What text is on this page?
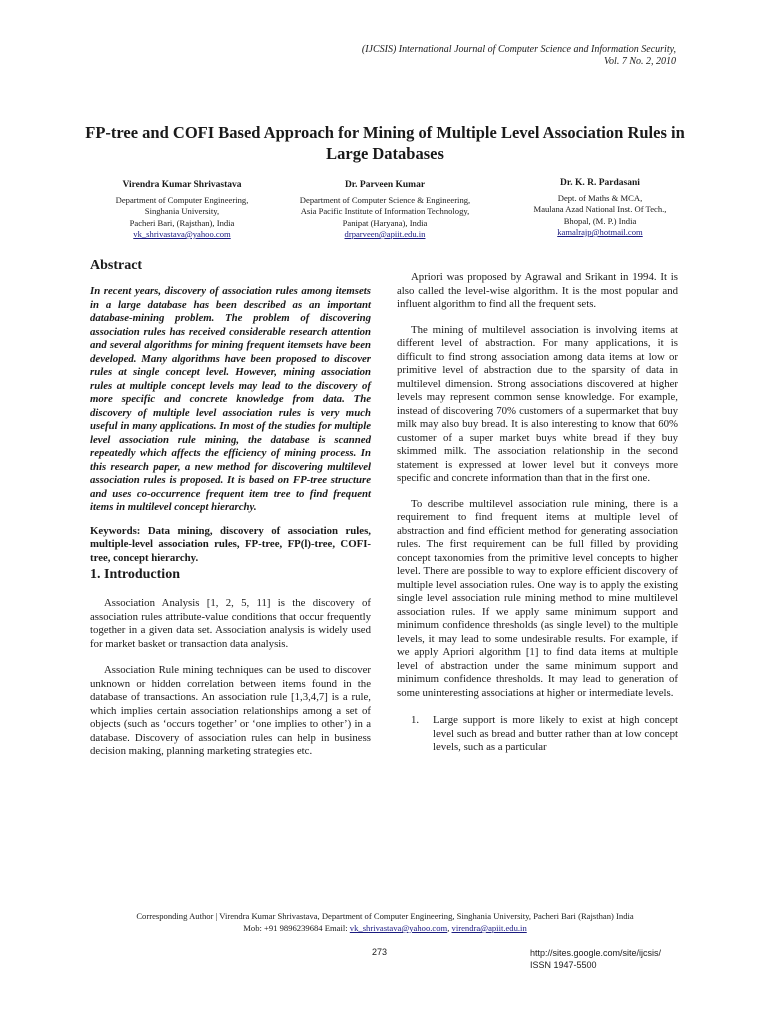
(IJCSIS) International Journal of Computer Science and Information Security,
Vol. 7 No. 2, 2010
FP-tree and COFI Based Approach for Mining of Multiple Level Association Rules in Large Databases
Virendra Kumar Shrivastava
Department of Computer Engineering,
Singhania University,
Pacheri Bari, (Rajsthan), India
vk_shrivastava@yahoo.com
Dr. Parveen Kumar
Department of Computer Science & Engineering,
Asia Pacific Institute of Information Technology,
Panipat (Haryana), India
drparveen@apiit.edu.in
Dr. K. R. Pardasani
Dept. of Maths & MCA,
Maulana Azad National Inst. Of Tech.,
Bhopal, (M. P.) India
kamalrajp@hotmail.com
Abstract

In recent years, discovery of association rules among itemsets in a large database has been described as an important database-mining problem. The problem of discovering association rules has received considerable research attention and several algorithms for mining frequent itemsets have been developed. Many algorithms have been proposed to discover rules at single concept level. However, mining association rules at multiple concept levels may lead to the discovery of more specific and concrete knowledge from data. The discovery of multiple level association rules is very much useful in many applications. In most of the studies for multiple level association rule mining, the database is scanned repeatedly which affects the efficiency of mining process. In this research paper, a new method for discovering multilevel association rules is proposed. It is based on FP-tree structure and uses co-occurrence frequent item tree to find frequent items in multilevel concept hierarchy.

Keywords: Data mining, discovery of association rules, multiple-level association rules, FP-tree, FP(l)-tree, COFI-tree, concept hierarchy.

1. Introduction

Association Analysis [1, 2, 5, 11] is the discovery of association rules attribute-value conditions that occur frequently together in a given data set. Association analysis is widely used for market basket or transaction data analysis.

Association Rule mining techniques can be used to discover unknown or hidden correlation between items found in the database of transactions. An association rule [1,3,4,7] is a rule, which implies certain association relationships among a set of objects (such as ‘occurs together’ or ‘one implies to other’) in a database. Discovery of association rules can help in business decision making, planning marketing strategies etc.

Apriori was proposed by Agrawal and Srikant in 1994. It is also called the level-wise algorithm. It is the most popular and influent algorithm to find all the frequent sets.

The mining of multilevel association is involving items at different level of abstraction. For many applications, it is difficult to find strong association among data items at low or primitive level of abstraction due to the sparsity of data in multilevel dimension. Strong associations discovered at higher levels may represent common sense knowledge. For example, instead of discovering 70% customers of a supermarket that buy milk may also buy bread. It is also interesting to know that 60% customer of a super market buys white bread if they buy skimmed milk. The association relationship in the second statement is expressed at lower level but it conveys more specific and concrete information than that in the first one.

To describe multilevel association rule mining, there is a requirement to find frequent items at multiple level of abstraction and find efficient method for generating association rules. The first requirement can be full filled by providing concept taxonomies from the primitive level concepts to higher level. There are possible to way to explore efficient discovery of multiple level association rules. One way is to apply the existing single level association rule mining method to mine multilevel association rules. If we apply same minimum support and minimum confidence thresholds (as single level) to the multiple levels, it may lead to some undesirable results. For example, if we apply Apriori algorithm [1] to find data items at multiple level of abstraction under the same minimum support and minimum confidence thresholds. It may lead to generation of some uninteresting associations at higher or intermediate levels.

1. Large support is more likely to exist at high concept level such as bread and butter rather than at low concept levels, such as a particular
Corresponding Author | Virendra Kumar Shrivastava, Department of Computer Engineering, Singhania University, Pacheri Bari (Rajsthan) India
Mob: +91 9896239684 Email: vk_shrivastava@yahoo.com, virendra@apiit.edu.in
273	http://sites.google.com/site/ijcsis/
ISSN 1947-5500
